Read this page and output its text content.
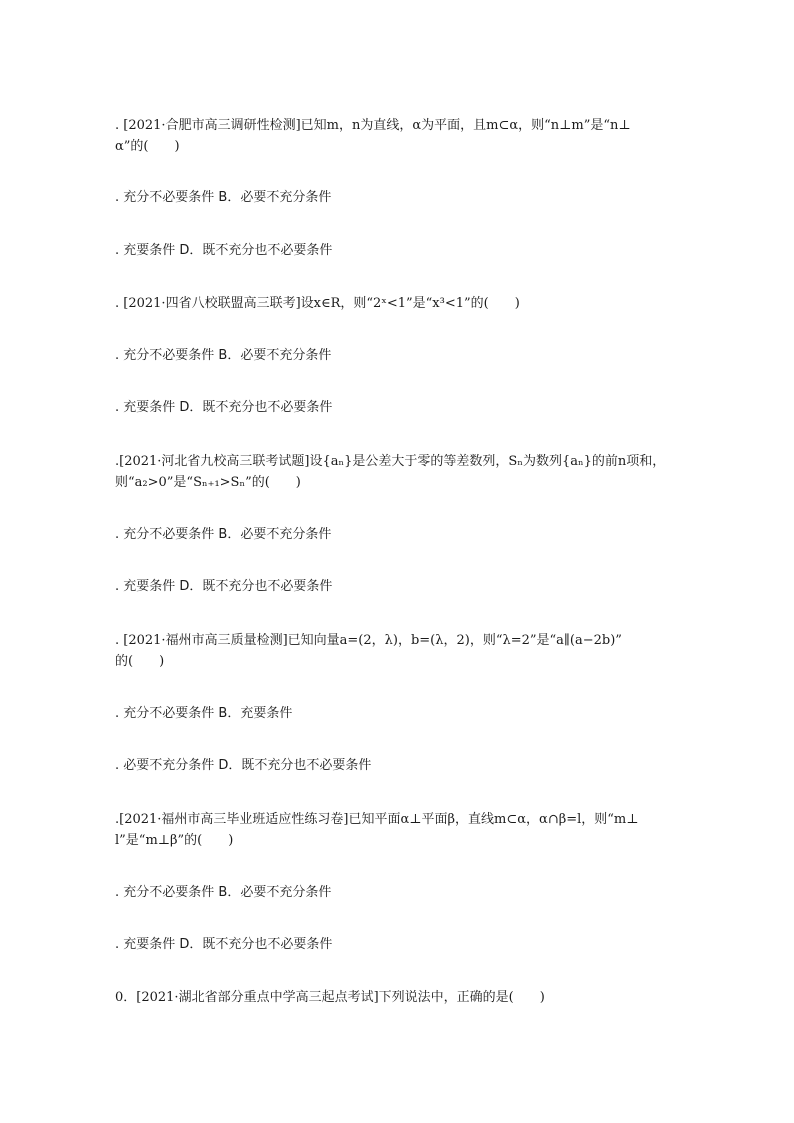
. [2021·合肥市高三调研性检测]已知m，n为直线，α为平面，且m⊂α，则“n⊥m”是“n⊥
α”的(　　)
. 充分不必要条件 B．必要不充分条件
. 充要条件 D．既不充分也不必要条件
. [2021·四省八校联盟高三联考]设x∈R，则“2ˣ<1”是“x³<1”的(　　)
. 充分不必要条件 B．必要不充分条件
. 充要条件 D．既不充分也不必要条件
.[2021·河北省九校高三联考试题]设{aₙ}是公差大于零的等差数列，Sₙ为数列{aₙ}的前n项和，
则“a₂>0”是“Sₙ₊₁>Sₙ”的(　　)
. 充分不必要条件 B．必要不充分条件
. 充要条件 D．既不充分也不必要条件
. [2021·福州市高三质量检测]已知向量a=(2，λ)，b=(λ，2)，则“λ=2”是“a∥(a−2b)”
的(　　)
. 充分不必要条件 B．充要条件
. 必要不充分条件 D．既不充分也不必要条件
.[2021·福州市高三毕业班适应性练习卷]已知平面α⊥平面β，直线m⊂α，α∩β=l，则“m⊥
l”是“m⊥β”的(　　)
. 充分不必要条件 B．必要不充分条件
. 充要条件 D．既不充分也不必要条件
0．[2021·湖北省部分重点中学高三起点考试]下列说法中，正确的是(　　)
